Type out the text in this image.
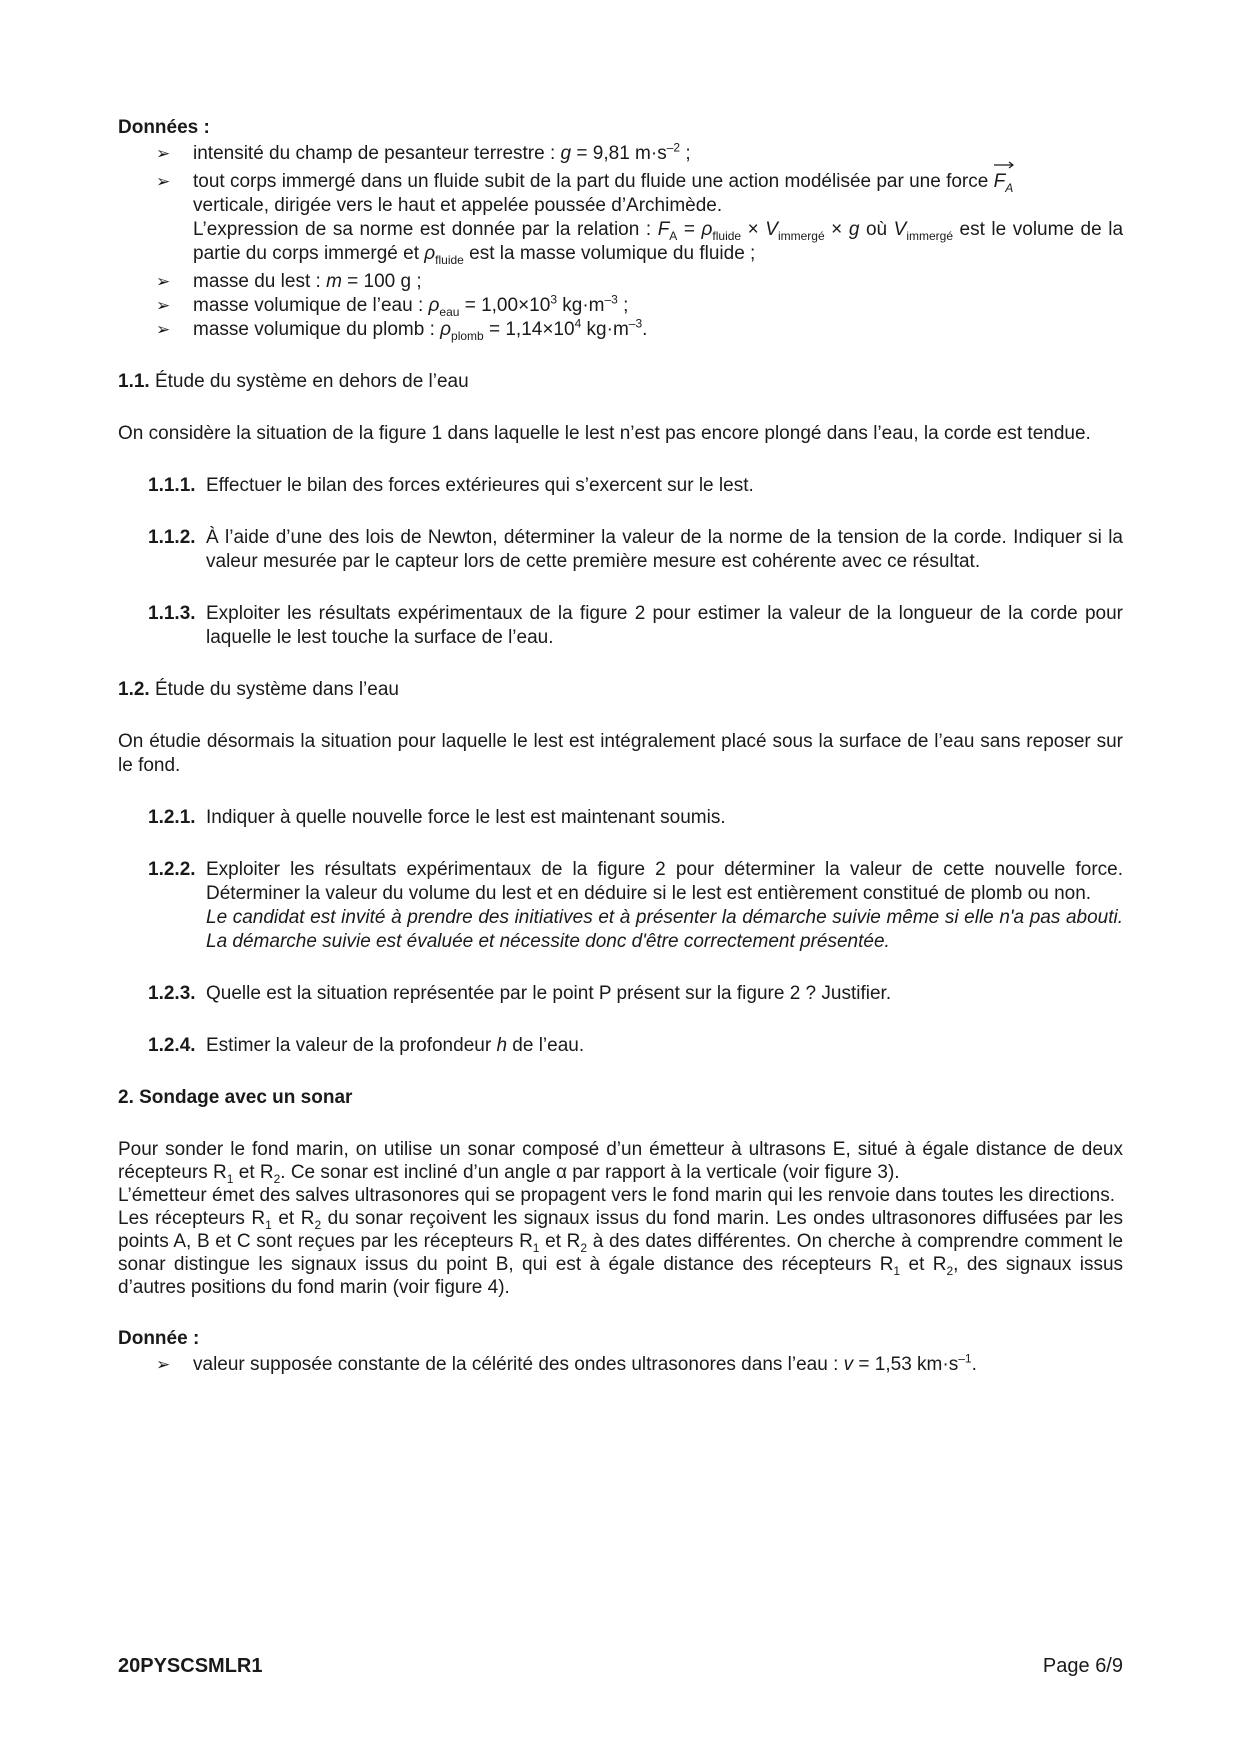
Données :

➢ intensité du champ de pesanteur terrestre : g = 9,81 $m\cdot s^{-2}$ ;
➢ tout corps immergé dans un fluide subit de la part du fluide une action modélisée par une force
$F_A$
verticale, dirigée vers le haut et appelée poussée d’Archimède.
L’expression de sa norme est donnée par la relation : $F_A = \rho_{fluide} \times V_{immergé} \times g$ où $V_{immergé}$ est le volume de la partie du corps immergé et $\rho_{fluide}$ est la masse volumique du fluide ;
➢ masse du lest : m = 100 g ;
➢ masse volumique de l’eau : $\rho_{eau} = 1,00\times 10^3$ $kg\cdot m^{-3}$ ;
➢ masse volumique du plomb : $\rho_{plomb} = 1,14\times 10^4$ $kg\cdot m^{-3}$.

1.1. Étude du système en dehors de l’eau

On considère la situation de la figure 1 dans laquelle le lest n’est pas encore plongé dans l’eau, la corde est tendue.

1.1.1. Effectuer le bilan des forces extérieures qui s’exercent sur le lest.
1.1.2. À l’aide d’une des lois de Newton, déterminer la valeur de la norme de la tension de la corde. Indiquer si la valeur mesurée par le capteur lors de cette première mesure est cohérente avec ce résultat.
1.1.3. Exploiter les résultats expérimentaux de la figure 2 pour estimer la valeur de la longueur de la corde pour laquelle le lest touche la surface de l’eau.

1.2. Étude du système dans l’eau

On étudie désormais la situation pour laquelle le lest est intégralement placé sous la surface de l’eau sans reposer sur le fond.

1.2.1. Indiquer à quelle nouvelle force le lest est maintenant soumis.
1.2.2. Exploiter les résultats expérimentaux de la figure 2 pour déterminer la valeur de cette nouvelle force. Déterminer la valeur du volume du lest et en déduire si le lest est entièrement constitué de plomb ou non.
Le candidat est invité à prendre des initiatives et à présenter la démarche suivie même si elle n'a pas abouti. La démarche suivie est évaluée et nécessite donc d'être correctement présentée.
1.2.3. Quelle est la situation représentée par le point P présent sur la figure 2 ? Justifier.
1.2.4. Estimer la valeur de la profondeur h de l’eau.

2. Sondage avec un sonar

Pour sonder le fond marin, on utilise un sonar composé d’un émetteur à ultrasons E, situé à égale distance de deux récepteurs $R_1$ et $R_2$. Ce sonar est incliné d’un angle α par rapport à la verticale (voir figure 3).

L’émetteur émet des salves ultrasonores qui se propagent vers le fond marin qui les renvoie dans toutes les directions.

Les récepteurs $R_1$ et $R_2$ du sonar reçoivent les signaux issus du fond marin. Les ondes ultrasonores diffusées par les points A, B et C sont reçues par les récepteurs $R_1$ et $R_2$ à des dates différentes. On cherche à comprendre comment le sonar distingue les signaux issus du point B, qui est à égale distance des récepteurs $R_1$ et $R_2$, des signaux issus d’autres positions du fond marin (voir figure 4).

Donnée :

➢ valeur supposée constante de la célérité des ondes ultrasonores dans l’eau : v = 1,53 $km\cdot s^{-1}$.
20PYSCSMLR1	Page 6/9
